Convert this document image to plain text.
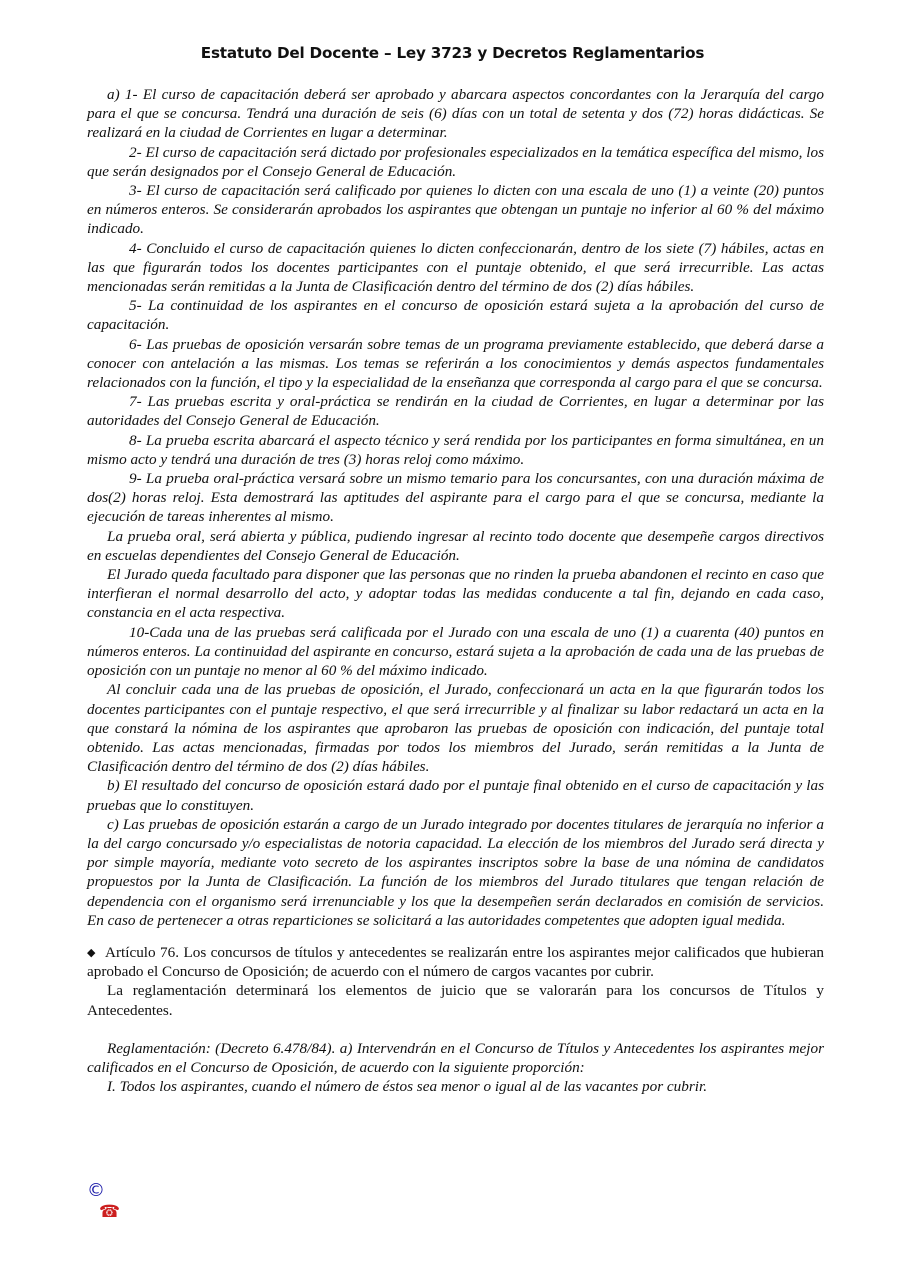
Estatuto Del Docente – Ley 3723 y Decretos Reglamentarios

a) 1- El curso de capacitación deberá ser aprobado y abarcara aspectos concordantes con la Jerarquía del cargo para el que se concursa. Tendrá una duración de seis (6) días con un total de setenta y dos (72) horas didácticas. Se realizará en la ciudad de Corrientes en lugar a determinar.

2- El curso de capacitación será dictado por profesionales especializados en la temática específica del mismo, los que serán designados por el Consejo General de Educación.

3- El curso de capacitación será calificado por quienes lo dicten con una escala de uno (1) a veinte (20) puntos en números enteros. Se considerarán aprobados los aspirantes que obtengan un puntaje no inferior al 60 % del máximo indicado.

4- Concluido el curso de capacitación quienes lo dicten confeccionarán, dentro de los siete (7) hábiles, actas en las que figurarán todos los docentes participantes con el puntaje obtenido, el que será irrecurrible. Las actas mencionadas serán remitidas a la Junta de Clasificación dentro del término de dos (2) días hábiles.

5- La continuidad de los aspirantes en el concurso de oposición estará sujeta a la aprobación del curso de capacitación.

6- Las pruebas de oposición versarán sobre temas de un programa previamente establecido, que deberá darse a conocer con antelación a las mismas. Los temas se referirán a los conocimientos y demás aspectos fundamentales relacionados con la función, el tipo y la especialidad de la enseñanza que corresponda al cargo para el que se concursa.

7- Las pruebas escrita y oral-práctica se rendirán en la ciudad de Corrientes, en lugar a determinar por las autoridades del Consejo General de Educación.

8- La prueba escrita abarcará el aspecto técnico y será rendida por los participantes en forma simultánea, en un mismo acto y tendrá una duración de tres (3) horas reloj como máximo.

9- La prueba oral-práctica versará sobre un mismo temario para los concursantes, con una duración máxima de dos(2) horas reloj. Esta demostrará las aptitudes del aspirante para el cargo para el que se concursa, mediante la ejecución de tareas inherentes al mismo.

La prueba oral, será abierta y pública, pudiendo ingresar al recinto todo docente que desempeñe cargos directivos en escuelas dependientes del Consejo General de Educación.

El Jurado queda facultado para disponer que las personas que no rinden la prueba abandonen el recinto en caso que interfieran el normal desarrollo del acto, y adoptar todas las medidas conducente a tal fin, dejando en cada caso, constancia en el acta respectiva.

10-Cada una de las pruebas será calificada por el Jurado con una escala de uno (1) a cuarenta (40) puntos en números enteros. La continuidad del aspirante en concurso, estará sujeta a la aprobación de cada una de las pruebas de oposición con un puntaje no menor al 60 % del máximo indicado.

Al concluir cada una de las pruebas de oposición, el Jurado, confeccionará un acta en la que figurarán todos los docentes participantes con el puntaje respectivo, el que será irrecurrible y al finalizar su labor redactará un acta en la que constará la nómina de los aspirantes que aprobaron las pruebas de oposición con indicación, del puntaje total obtenido. Las actas mencionadas, firmadas por todos los miembros del Jurado, serán remitidas a la Junta de Clasificación dentro del término de dos (2) días hábiles.

b) El resultado del concurso de oposición estará dado por el puntaje final obtenido en el curso de capacitación y las pruebas que lo constituyen.

c) Las pruebas de oposición estarán a cargo de un Jurado integrado por docentes titulares de jerarquía no inferior a la del cargo concursado y/o especialistas de notoria capacidad. La elección de los miembros del Jurado será directa y por simple mayoría, mediante voto secreto de los aspirantes inscriptos sobre la base de una nómina de candidatos propuestos por la Junta de Clasificación. La función de los miembros del Jurado titulares que tengan relación de dependencia con el organismo será irrenunciable y los que la desempeñen serán declarados en comisión de servicios. En caso de pertenecer a otras reparticiones se solicitará a las autoridades competentes que adopten igual medida.

◆ Artículo 76. Los concursos de títulos y antecedentes se realizarán entre los aspirantes mejor calificados que hubieran aprobado el Concurso de Oposición; de acuerdo con el número de cargos vacantes por cubrir.

La reglamentación determinará los elementos de juicio que se valorarán para los concursos de Títulos y Antecedentes.

Reglamentación: (Decreto 6.478/84). a) Intervendrán en el Concurso de Títulos y Antecedentes los aspirantes mejor calificados en el Concurso de Oposición, de acuerdo con la siguiente proporción:

I. Todos los aspirantes, cuando el número de éstos sea menor o igual al de las vacantes por cubrir.

©
☎
